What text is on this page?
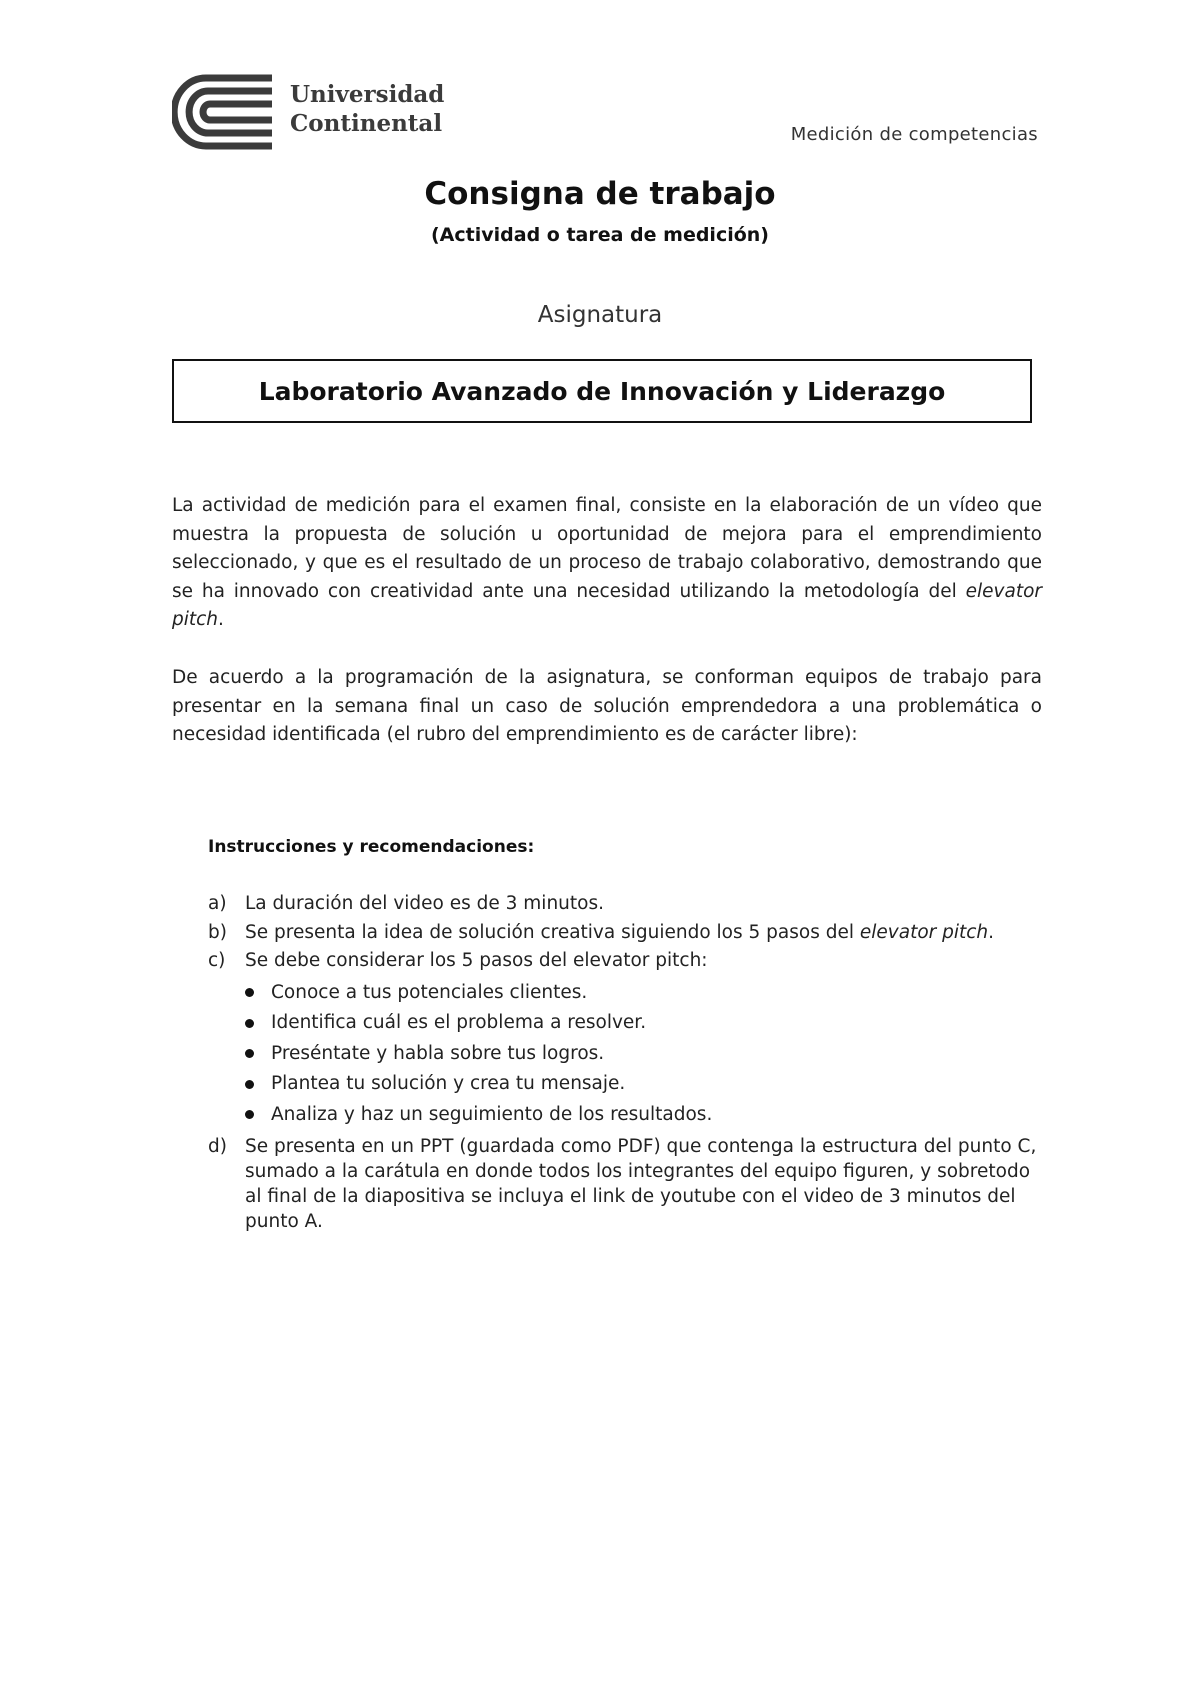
Universidad
Continental	Medición de competencias
Consigna de trabajo
(Actividad o tarea de medición)
Asignatura
Laboratorio Avanzado de Innovación y Liderazgo
La actividad de medición para el examen final, consiste en la elaboración de un vídeo que muestra la propuesta de solución u oportunidad de mejora para el emprendimiento seleccionado, y que es el resultado de un proceso de trabajo colaborativo, demostrando que se ha innovado con creatividad ante una necesidad utilizando la metodología del elevator pitch.
De acuerdo a la programación de la asignatura, se conforman equipos de trabajo para presentar en la semana final un caso de solución emprendedora a una problemática o necesidad identificada (el rubro del emprendimiento es de carácter libre):
Instrucciones y recomendaciones:
a) La duración del video es de 3 minutos.
b) Se presenta la idea de solución creativa siguiendo los 5 pasos del elevator pitch.
c)	Se debe considerar los 5 pasos del elevator pitch:
Conoce a tus potenciales clientes.
Identifica cuál es el problema a resolver.
Preséntate y habla sobre tus logros.
Plantea tu solución y crea tu mensaje.
Analiza y haz un seguimiento de los resultados.
d) Se presenta en un PPT (guardada como PDF) que contenga la estructura del punto C, sumado a la carátula en donde todos los integrantes del equipo figuren, y sobretodo al final de la diapositiva se incluya el link de youtube con el video de 3 minutos del punto A.
